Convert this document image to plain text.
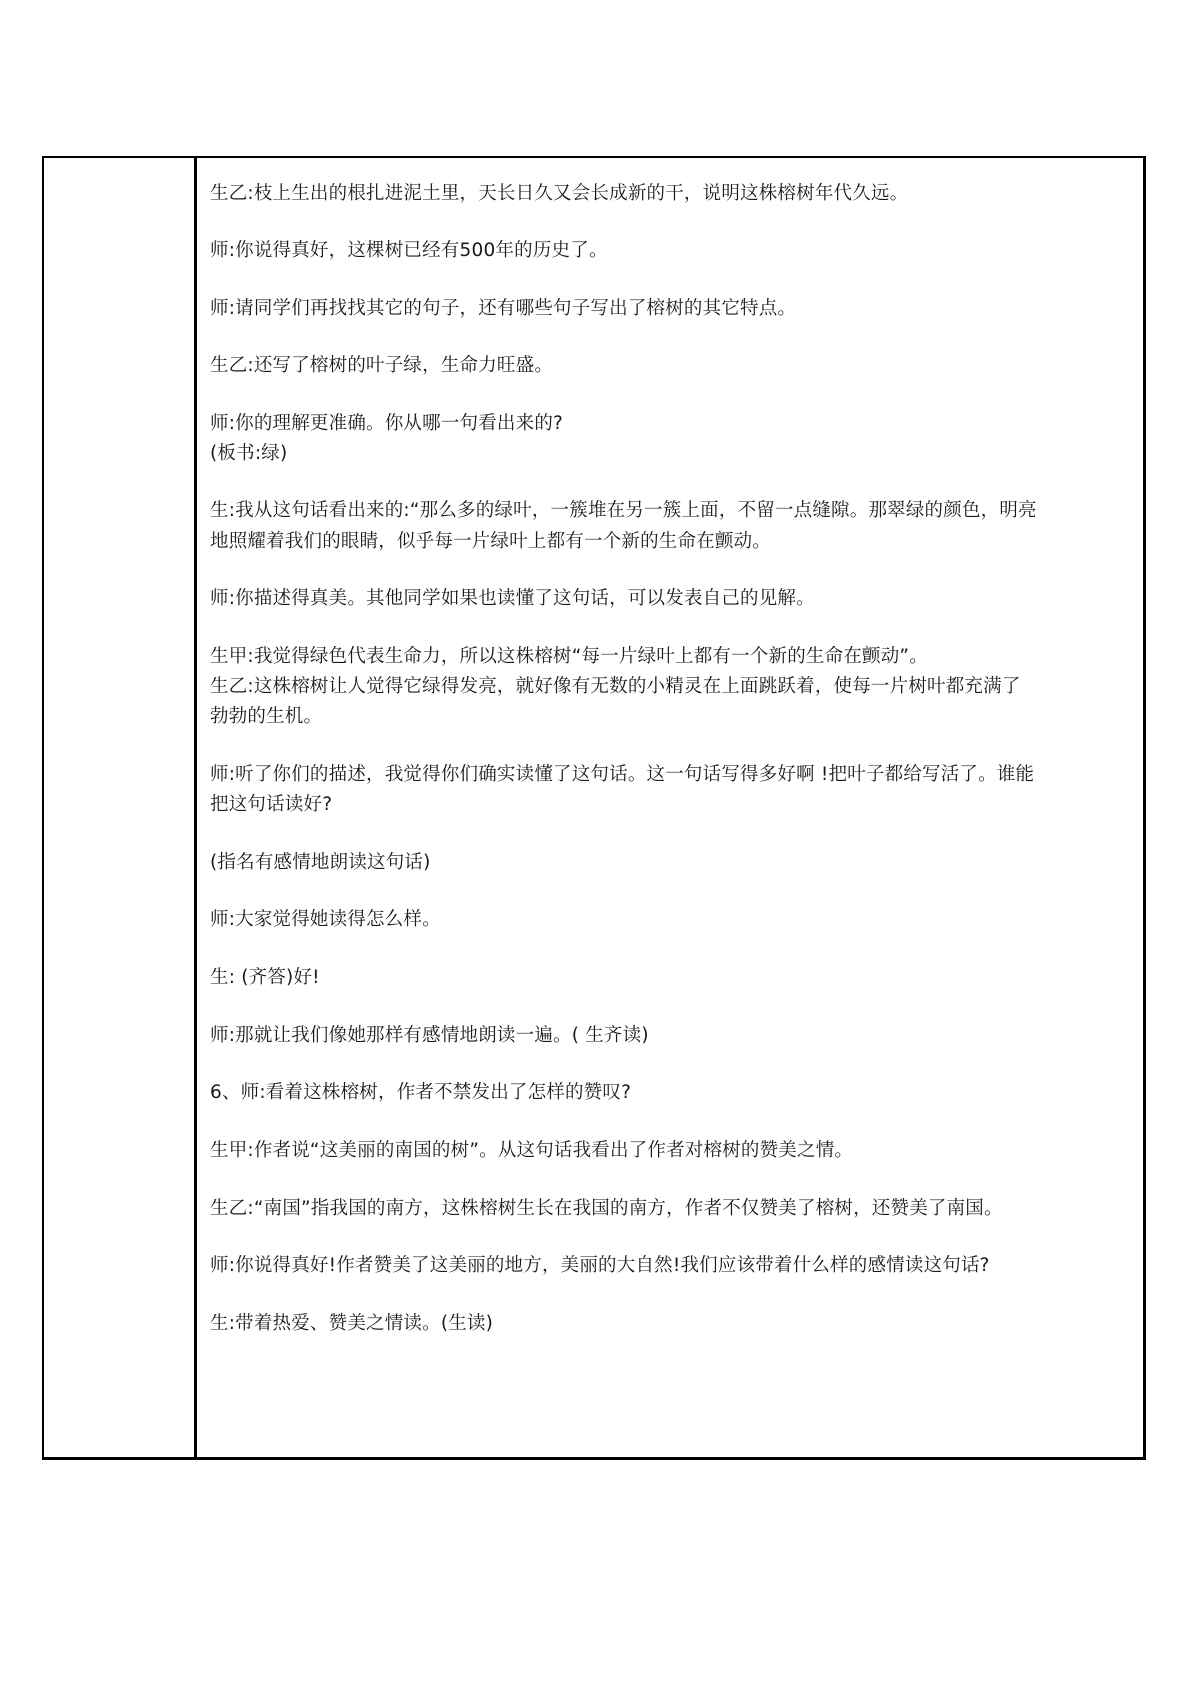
生乙:枝上生出的根扎进泥土里，天长日久又会长成新的干，说明这株榕树年代久远。
师:你说得真好，这棵树已经有500年的历史了。
师:请同学们再找找其它的句子，还有哪些句子写出了榕树的其它特点。
生乙:还写了榕树的叶子绿，生命力旺盛。
师:你的理解更准确。你从哪一句看出来的?
(板书:绿)
生:我从这句话看出来的:“那么多的绿叶，一簇堆在另一簇上面，不留一点缝隙。那翠绿的颜色，明亮
地照耀着我们的眼睛，似乎每一片绿叶上都有一个新的生命在颤动。
师:你描述得真美。其他同学如果也读懂了这句话，可以发表自己的见解。
生甲:我觉得绿色代表生命力，所以这株榕树“每一片绿叶上都有一个新的生命在颤动”。
生乙:这株榕树让人觉得它绿得发亮，就好像有无数的小精灵在上面跳跃着，使每一片树叶都充满了
勃勃的生机。
师:听了你们的描述，我觉得你们确实读懂了这句话。这一句话写得多好啊 !把叶子都给写活了。谁能
把这句话读好?
(指名有感情地朗读这句话)
师:大家觉得她读得怎么样。
生: (齐答)好!
师:那就让我们像她那样有感情地朗读一遍。( 生齐读)
6、师:看着这株榕树，作者不禁发出了怎样的赞叹?
生甲:作者说“这美丽的南国的树”。从这句话我看出了作者对榕树的赞美之情。
生乙:“南国”指我国的南方，这株榕树生长在我国的南方，作者不仅赞美了榕树，还赞美了南国。
师:你说得真好!作者赞美了这美丽的地方，美丽的大自然!我们应该带着什么样的感情读这句话?
生:带着热爱、赞美之情读。(生读)
